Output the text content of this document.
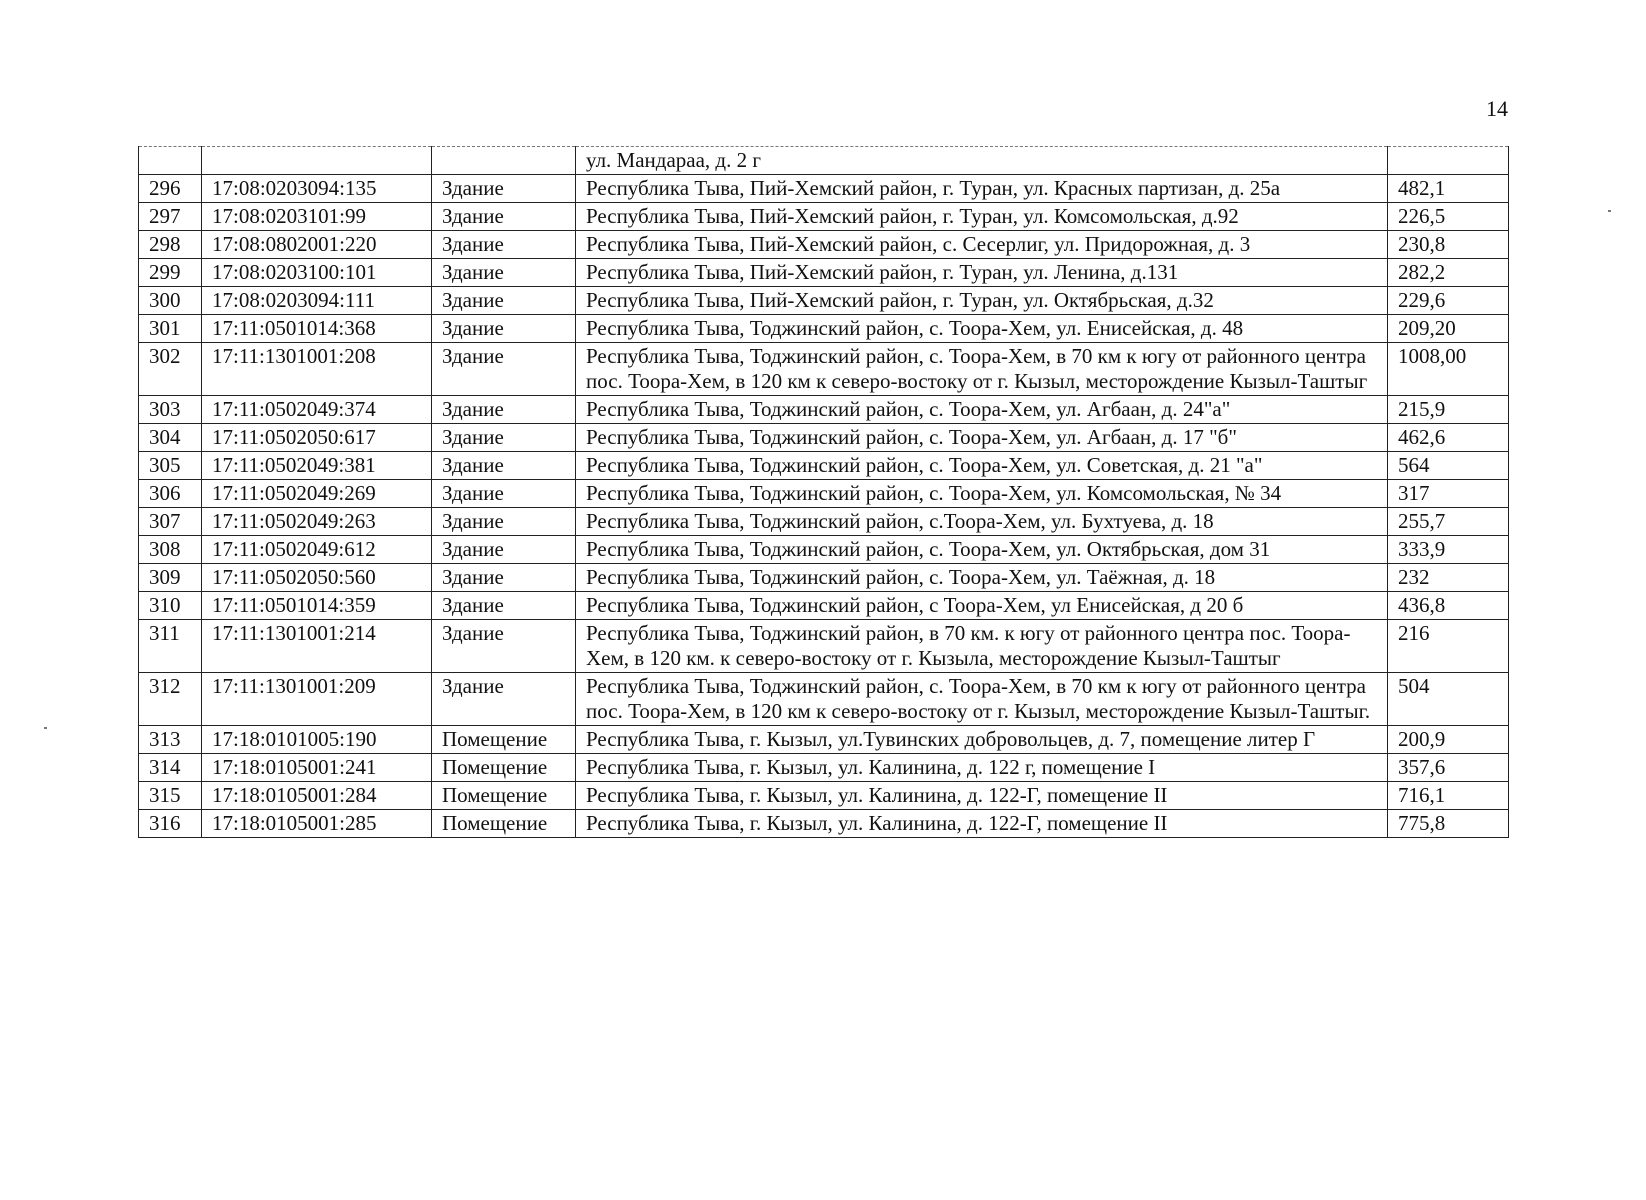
14
			ул. Мандараа, д. 2 г	
296	17:08:0203094:135	Здание	Республика Тыва, Пий-Хемский район, г. Туран, ул. Красных партизан, д. 25а	482,1
297	17:08:0203101:99	Здание	Республика Тыва, Пий-Хемский район, г. Туран, ул. Комсомольская, д.92	226,5
298	17:08:0802001:220	Здание	Республика Тыва, Пий-Хемский район, с. Сесерлиг, ул. Придорожная, д. 3	230,8
299	17:08:0203100:101	Здание	Республика Тыва, Пий-Хемский район, г. Туран, ул. Ленина, д.131	282,2
300	17:08:0203094:111	Здание	Республика Тыва, Пий-Хемский район, г. Туран, ул. Октябрьская, д.32	229,6
301	17:11:0501014:368	Здание	Республика Тыва, Тоджинский район, с. Тоора-Хем, ул. Енисейская, д. 48	209,20
302	17:11:1301001:208	Здание	Республика Тыва, Тоджинский район, с. Тоора-Хем, в 70 км к югу от районного центра пос. Тоора-Хем, в 120 км к северо-востоку от г. Кызыл, месторождение Кызыл-Таштыг	1008,00
303	17:11:0502049:374	Здание	Республика Тыва, Тоджинский район, с. Тоора-Хем, ул. Агбаан, д. 24"а"	215,9
304	17:11:0502050:617	Здание	Республика Тыва, Тоджинский район, с. Тоора-Хем, ул. Агбаан, д. 17 "б"	462,6
305	17:11:0502049:381	Здание	Республика Тыва, Тоджинский район, с. Тоора-Хем, ул. Советская, д. 21 "а"	564
306	17:11:0502049:269	Здание	Республика Тыва, Тоджинский район, с. Тоора-Хем, ул. Комсомольская, № 34	317
307	17:11:0502049:263	Здание	Республика Тыва, Тоджинский район, с.Тоора-Хем, ул. Бухтуева, д. 18	255,7
308	17:11:0502049:612	Здание	Республика Тыва, Тоджинский район, с. Тоора-Хем, ул. Октябрьская, дом 31	333,9
309	17:11:0502050:560	Здание	Республика Тыва, Тоджинский район, с. Тоора-Хем, ул. Таёжная, д. 18	232
310	17:11:0501014:359	Здание	Республика Тыва, Тоджинский район, с Тоора-Хем, ул Енисейская, д 20 б	436,8
311	17:11:1301001:214	Здание	Республика Тыва, Тоджинский район, в 70 км. к югу от районного центра пос. Тоора-Хем, в 120 км. к северо-востоку от г. Кызыла, месторождение Кызыл-Таштыг	216
312	17:11:1301001:209	Здание	Республика Тыва, Тоджинский район, с. Тоора-Хем, в 70 км к югу от районного центра пос. Тоора-Хем, в 120 км к северо-востоку от г. Кызыл, месторождение Кызыл-Таштыг.	504
313	17:18:0101005:190	Помещение	Республика Тыва, г. Кызыл, ул.Тувинских добровольцев, д. 7, помещение литер Г	200,9
314	17:18:0105001:241	Помещение	Республика Тыва, г. Кызыл, ул. Калинина, д. 122 г, помещение I	357,6
315	17:18:0105001:284	Помещение	Республика Тыва, г. Кызыл, ул. Калинина, д. 122-Г, помещение II	716,1
316	17:18:0105001:285	Помещение	Республика Тыва, г. Кызыл, ул. Калинина, д. 122-Г, помещение II	775,8
